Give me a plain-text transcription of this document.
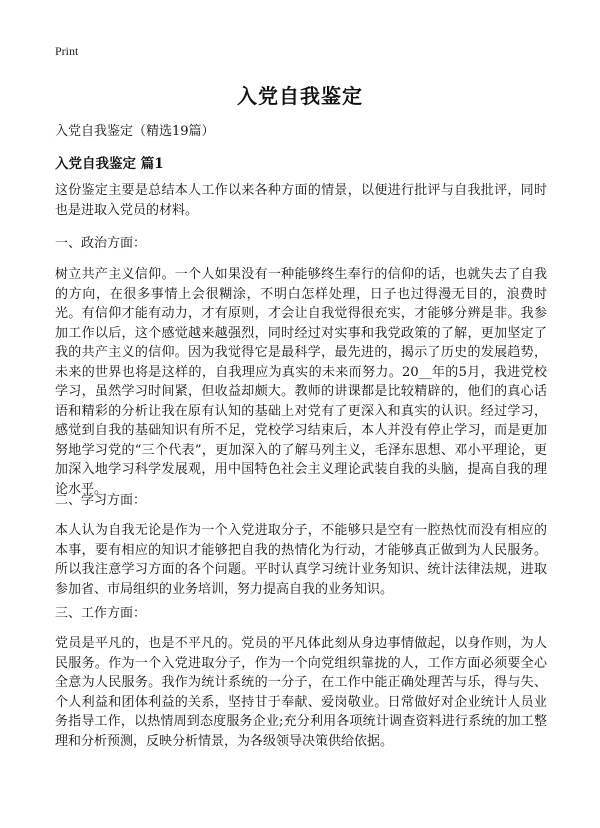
Print
入党自我鉴定
入党自我鉴定（精选19篇）
入党自我鉴定 篇1

这份鉴定主要是总结本人工作以来各种方面的情景，以便进行批评与自我批评，同时也是进取入党员的材料。

一、政治方面：

树立共产主义信仰。一个人如果没有一种能够终生奉行的信仰的话，也就失去了自我的方向，在很多事情上会很糊涂，不明白怎样处理，日子也过得漫无目的，浪费时光。有信仰才能有动力，才有原则，才会让自我觉得很充实，才能够分辨是非。我参加工作以后，这个感觉越来越强烈，同时经过对实事和我党政策的了解，更加坚定了我的共产主义的信仰。因为我觉得它是最科学，最先进的，揭示了历史的发展趋势，未来的世界也将是这样的，自我理应为真实的未来而努力。20__年的5月，我进党校学习，虽然学习时间紧，但收益却颇大。教师的讲课都是比较精辟的，他们的真心话语和精彩的分析让我在原有认知的基础上对党有了更深入和真实的认识。经过学习，感觉到自我的基础知识有所不足，党校学习结束后，本人并没有停止学习，而是更加努地学习党的“三个代表”，更加深入的了解马列主义，毛泽东思想、邓小平理论，更加深入地学习科学发展观，用中国特色社会主义理论武装自我的头脑，提高自我的理论水平。

二、学习方面：

本人认为自我无论是作为一个入党进取分子，不能够只是空有一腔热忱而没有相应的本事，要有相应的知识才能够把自我的热情化为行动，才能够真正做到为人民服务。所以我注意学习方面的各个问题。平时认真学习统计业务知识、统计法律法规，进取参加省、市局组织的业务培训，努力提高自我的业务知识。

三、工作方面：

党员是平凡的，也是不平凡的。党员的平凡体此刻从身边事情做起，以身作则，为人民服务。作为一个入党进取分子，作为一个向党组织靠拢的人，工作方面必须要全心全意为人民服务。我作为统计系统的一分子，在工作中能正确处理苦与乐，得与失、个人利益和团体利益的关系，坚持甘于奉献、爱岗敬业。日常做好对企业统计人员业务指导工作，以热情周到态度服务企业;充分利用各项统计调查资料进行系统的加工整理和分析预测，反映分析情景，为各级领导决策供给依据。
